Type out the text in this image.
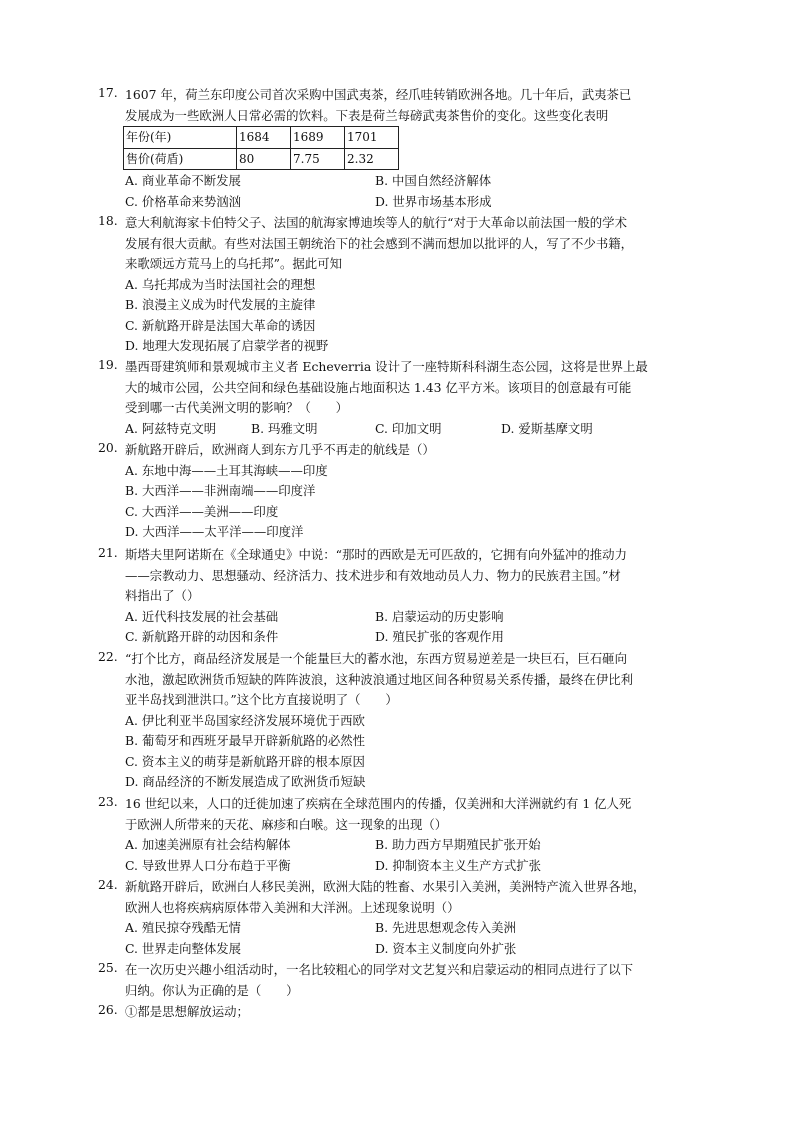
17. 1607 年，荷兰东印度公司首次采购中国武夷茶，经爪哇转销欧洲各地。几十年后，武夷茶已
发展成为一些欧洲人日常必需的饮料。下表是荷兰每磅武夷茶售价的变化。这些变化表明
年份(年)	1684	1689	1701
售价(荷盾)	80	7.75	2.32
A. 商业革命不断发展	B. 中国自然经济解体
C. 价格革命来势汹汹	D. 世界市场基本形成
18. 意大利航海家卡伯特父子、法国的航海家博迪埃等人的航行“对于大革命以前法国一般的学术
发展有很大贡献。有些对法国王朝统治下的社会感到不满而想加以批评的人，写了不少书籍，
来歌颂远方荒马上的乌托邦”。据此可知
A. 乌托邦成为当时法国社会的理想
B. 浪漫主义成为时代发展的主旋律
C. 新航路开辟是法国大革命的诱因
D. 地理大发现拓展了启蒙学者的视野
19. 墨西哥建筑师和景观城市主义者 Echeverria 设计了一座特斯科科湖生态公园，这将是世界上最
大的城市公园，公共空间和绿色基础设施占地面积达 1.43 亿平方米。该项目的创意最有可能
受到哪一古代美洲文明的影响？（　　）
A. 阿兹特克文明	B. 玛雅文明	C. 印加文明	D. 爱斯基摩文明
20. 新航路开辟后，欧洲商人到东方几乎不再走的航线是（）
A. 东地中海——土耳其海峡——印度
B. 大西洋——非洲南端——印度洋
C. 大西洋——美洲——印度
D. 大西洋——太平洋——印度洋
21. 斯塔夫里阿诺斯在《全球通史》中说：“那时的西欧是无可匹敌的，它拥有向外猛冲的推动力
——宗教动力、思想骚动、经济活力、技术进步和有效地动员人力、物力的民族君主国。”材
料指出了（）
A. 近代科技发展的社会基础	B. 启蒙运动的历史影响
C. 新航路开辟的动因和条件	D. 殖民扩张的客观作用
22. “打个比方，商品经济发展是一个能量巨大的蓄水池，东西方贸易逆差是一块巨石，巨石砸向
水池，激起欧洲货币短缺的阵阵波浪，这种波浪通过地区间各种贸易关系传播，最终在伊比利
亚半岛找到泄洪口。”这个比方直接说明了（　　）
A. 伊比利亚半岛国家经济发展环境优于西欧
B. 葡萄牙和西班牙最早开辟新航路的必然性
C. 资本主义的萌芽是新航路开辟的根本原因
D. 商品经济的不断发展造成了欧洲货币短缺
23. 16 世纪以来，人口的迁徙加速了疾病在全球范围内的传播，仅美洲和大洋洲就约有 1 亿人死
于欧洲人所带来的天花、麻疹和白喉。这一现象的出现（）
A. 加速美洲原有社会结构解体	B. 助力西方早期殖民扩张开始
C. 导致世界人口分布趋于平衡	D. 抑制资本主义生产方式扩张
24. 新航路开辟后，欧洲白人移民美洲，欧洲大陆的牲畜、水果引入美洲，美洲特产流入世界各地，
欧洲人也将疾病病原体带入美洲和大洋洲。上述现象说明（）
A. 殖民掠夺残酷无情	B. 先进思想观念传入美洲
C. 世界走向整体发展	D. 资本主义制度向外扩张
25. 在一次历史兴趣小组活动时，一名比较粗心的同学对文艺复兴和启蒙运动的相同点进行了以下
归纳。你认为正确的是（　　）
26. ①都是思想解放运动；
